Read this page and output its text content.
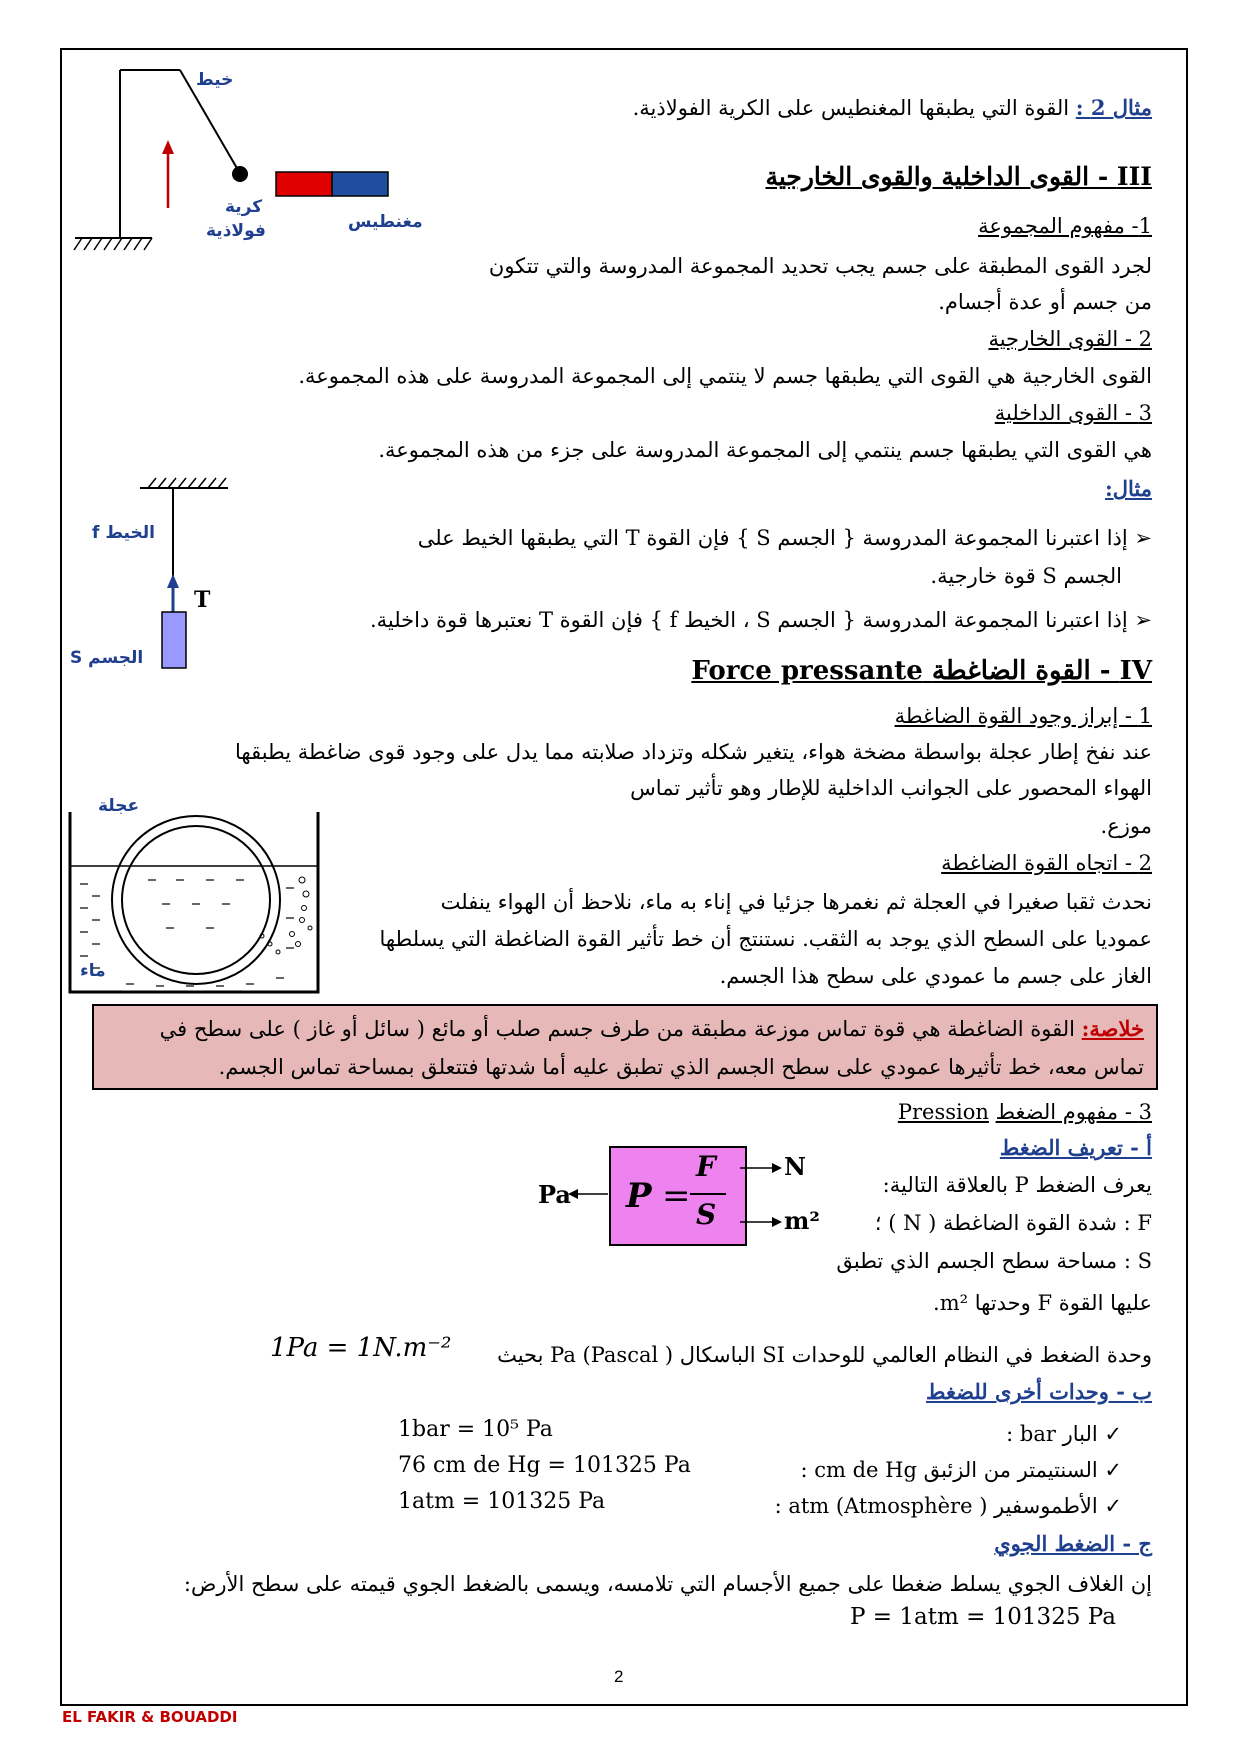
مثال 2 : القوة التي يطبقها المغنطيس على الكرية الفولاذية.
خيط
كرية
فولاذية	مغنطيس
III - القوى الداخلية والقوى الخارجية
1- مفهوم المجموعة
لجرد القوى المطبقة على جسم يجب تحديد المجموعة المدروسة والتي تتكون
من جسم أو عدة أجسام.
2 - القوى الخارجية
القوى الخارجية هي القوى التي يطبقها جسم لا ينتمي إلى المجموعة المدروسة على هذه المجموعة.
3 - القوى الداخلية
هي القوى التي يطبقها جسم ينتمي إلى المجموعة المدروسة على جزء من هذه المجموعة.
مثال:
➢ إذا اعتبرنا المجموعة المدروسة { الجسم S } فإن القوة T التي يطبقها الخيط على
الجسم S قوة خارجية.
➢ إذا اعتبرنا المجموعة المدروسة { الجسم S ، الخيط f } فإن القوة T نعتبرها قوة داخلية.
الخيط f
الجسم S
T
IV - القوة الضاغطة Force pressante
1 - إبراز وجود القوة الضاغطة
عند نفخ إطار عجلة بواسطة مضخة هواء، يتغير شكله وتزداد صلابته مما يدل على وجود قوى ضاغطة يطبقها
الهواء المحصور على الجوانب الداخلية للإطار وهو تأثير تماس
موزع.
2 - اتجاه القوة الضاغطة
نحدث ثقبا صغيرا في العجلة ثم نغمرها جزئيا في إناء به ماء، نلاحظ أن الهواء ينفلت
عموديا على السطح الذي يوجد به الثقب. نستنتج أن خط تأثير القوة الضاغطة التي يسلطها
الغاز على جسم ما عمودي على سطح هذا الجسم.
عجلة
ماء
خلاصة: القوة الضاغطة هي قوة تماس موزعة مطبقة من طرف جسم صلب أو مائع ( سائل أو غاز ) على سطح في تماس معه، خط تأثيرها عمودي على سطح الجسم الذي تطبق عليه أما شدتها فتتعلق بمساحة تماس الجسم.
3 - مفهوم الضغط Pression
أ - تعريف الضغط
يعرف الضغط P بالعلاقة التالية:
F : شدة القوة الضاغطة ( N ) ؛
S : مساحة سطح الجسم الذي تطبق
عليها القوة F وحدتها m².
P =
F
S
N
m²
Pa
وحدة الضغط في النظام العالمي للوحدات SI الباسكال ( Pa (Pascal بحيث
1Pa = 1N.m⁻²
ب - وحدات أخرى للضغط
✓ البار bar :
1bar = 10⁵ Pa
✓ السنتيمتر من الزئبق cm de Hg :
76 cm de Hg = 101325 Pa
✓ الأطموسفير ( atm (Atmosphère :
1atm = 101325 Pa
ج - الضغط الجوي
إن الغلاف الجوي يسلط ضغطا على جميع الأجسام التي تلامسه، ويسمى بالضغط الجوي قيمته على سطح الأرض:
P = 1atm = 101325 Pa
2
EL FAKIR & BOUADDI
